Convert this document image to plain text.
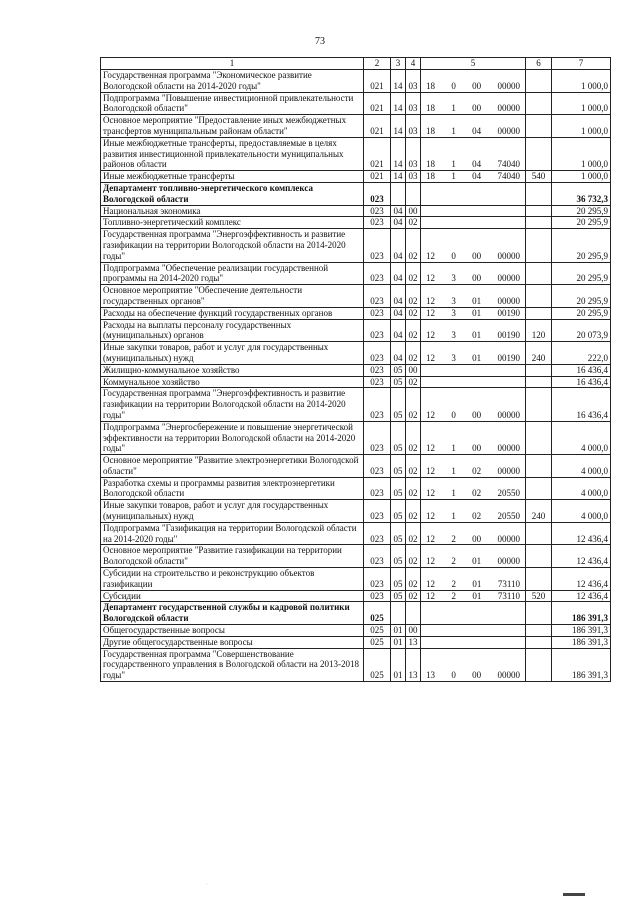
73
1	2	3	4	5	6	7
Государственная программа "Экономическое развитие Вологодской области на 2014-2020 годы"	021	14	03	18 0 00 00000		1 000,0
Подпрограмма "Повышение инвестиционной привлекательности Вологодской области"	021	14	03	18 1 00 00000		1 000,0
Основное мероприятие "Предоставление иных межбюджетных трансфертов муниципальным районам области"	021	14	03	18 1 04 00000		1 000,0
Иные межбюджетные трансферты, предоставляемые в целях развития инвестиционной привлекательности муниципальных районов области	021	14	03	18 1 04 74040		1 000,0
Иные межбюджетные трансферты	021	14	03	18 1 04 74040	540	1 000,0
Департамент топливно-энергетического комплекса Вологодской области	023					36 732,3
Национальная экономика	023	04	00			20 295,9
Топливно-энергетический комплекс	023	04	02			20 295,9
Государственная программа "Энергоэффективность и развитие газификации на территории Вологодской области на 2014-2020 годы"	023	04	02	12 0 00 00000		20 295,9
Подпрограмма "Обеспечение реализации государственной программы на 2014-2020 годы"	023	04	02	12 3 00 00000		20 295,9
Основное мероприятие "Обеспечение деятельности государственных органов"	023	04	02	12 3 01 00000		20 295,9
Расходы на обеспечение функций государственных органов	023	04	02	12 3 01 00190		20 295,9
Расходы на выплаты персоналу государственных (муниципальных) органов	023	04	02	12 3 01 00190	120	20 073,9
Иные закупки товаров, работ и услуг для государственных (муниципальных) нужд	023	04	02	12 3 01 00190	240	222,0
Жилищно-коммунальное хозяйство	023	05	00			16 436,4
Коммунальное хозяйство	023	05	02			16 436,4
Государственная программа "Энергоэффективность и развитие газификации на территории Вологодской области на 2014-2020 годы"	023	05	02	12 0 00 00000		16 436,4
Подпрограмма "Энергосбережение и повышение энергетической эффективности на территории Вологодской области на 2014-2020 годы"	023	05	02	12 1 00 00000		4 000,0
Основное мероприятие "Развитие электроэнергетики Вологодской области"	023	05	02	12 1 02 00000		4 000,0
Разработка схемы и программы развития электроэнергетики Вологодской области	023	05	02	12 1 02 20550		4 000,0
Иные закупки товаров, работ и услуг для государственных (муниципальных) нужд	023	05	02	12 1 02 20550	240	4 000,0
Подпрограмма "Газификация на территории Вологодской области на 2014-2020 годы"	023	05	02	12 2 00 00000		12 436,4
Основное мероприятие "Развитие газификации на территории Вологодской области"	023	05	02	12 2 01 00000		12 436,4
Субсидии на строительство и реконструкцию объектов газификации	023	05	02	12 2 01 73110		12 436,4
Субсидии	023	05	02	12 2 01 73110	520	12 436,4
Департамент государственной службы и кадровой политики Вологодской области	025					186 391,3
Общегосударственные вопросы	025	01	00			186 391,3
Другие общегосударственные вопросы	025	01	13			186 391,3
Государственная программа "Совершенствование государственного управления в Вологодской области на 2013-2018 годы"	025	01	13	13 0 00 00000		186 391,3
·
